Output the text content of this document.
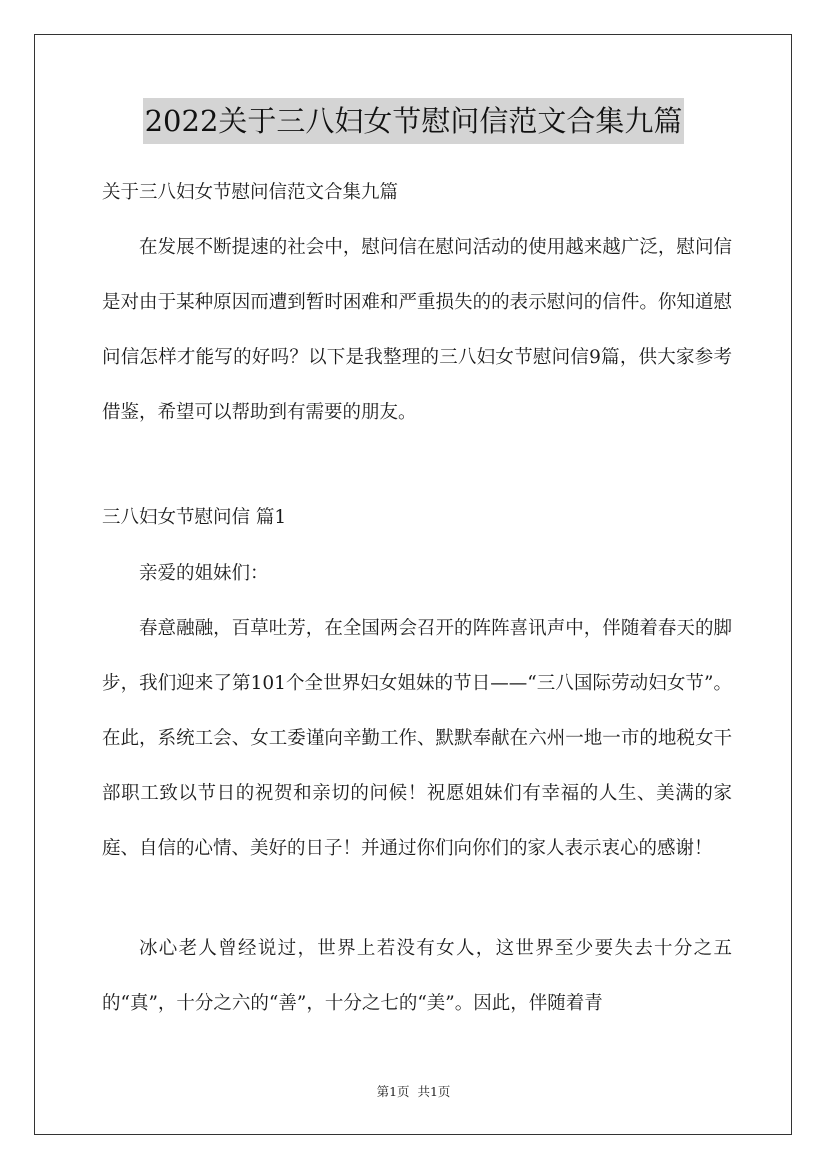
2022关于三八妇女节慰问信范文合集九篇

关于三八妇女节慰问信范文合集九篇

在发展不断提速的社会中，慰问信在慰问活动的使用越来越广泛，慰问信是对由于某种原因而遭到暂时困难和严重损失的的表示慰问的信件。你知道慰问信怎样才能写的好吗？以下是我整理的三八妇女节慰问信9篇，供大家参考借鉴，希望可以帮助到有需要的朋友。

三八妇女节慰问信 篇1

亲爱的姐妹们：

春意融融，百草吐芳，在全国两会召开的阵阵喜讯声中，伴随着春天的脚步，我们迎来了第101个全世界妇女姐妹的节日——“三八国际劳动妇女节”。在此，系统工会、女工委谨向辛勤工作、默默奉献在六州一地一市的地税女干部职工致以节日的祝贺和亲切的问候！祝愿姐妹们有幸福的人生、美满的家庭、自信的心情、美好的日子！并通过你们向你们的家人表示衷心的感谢！

冰心老人曾经说过，世界上若没有女人，这世界至少要失去十分之五的“真”，十分之六的“善”，十分之七的“美”。因此，伴随着青

第1页  共1页
